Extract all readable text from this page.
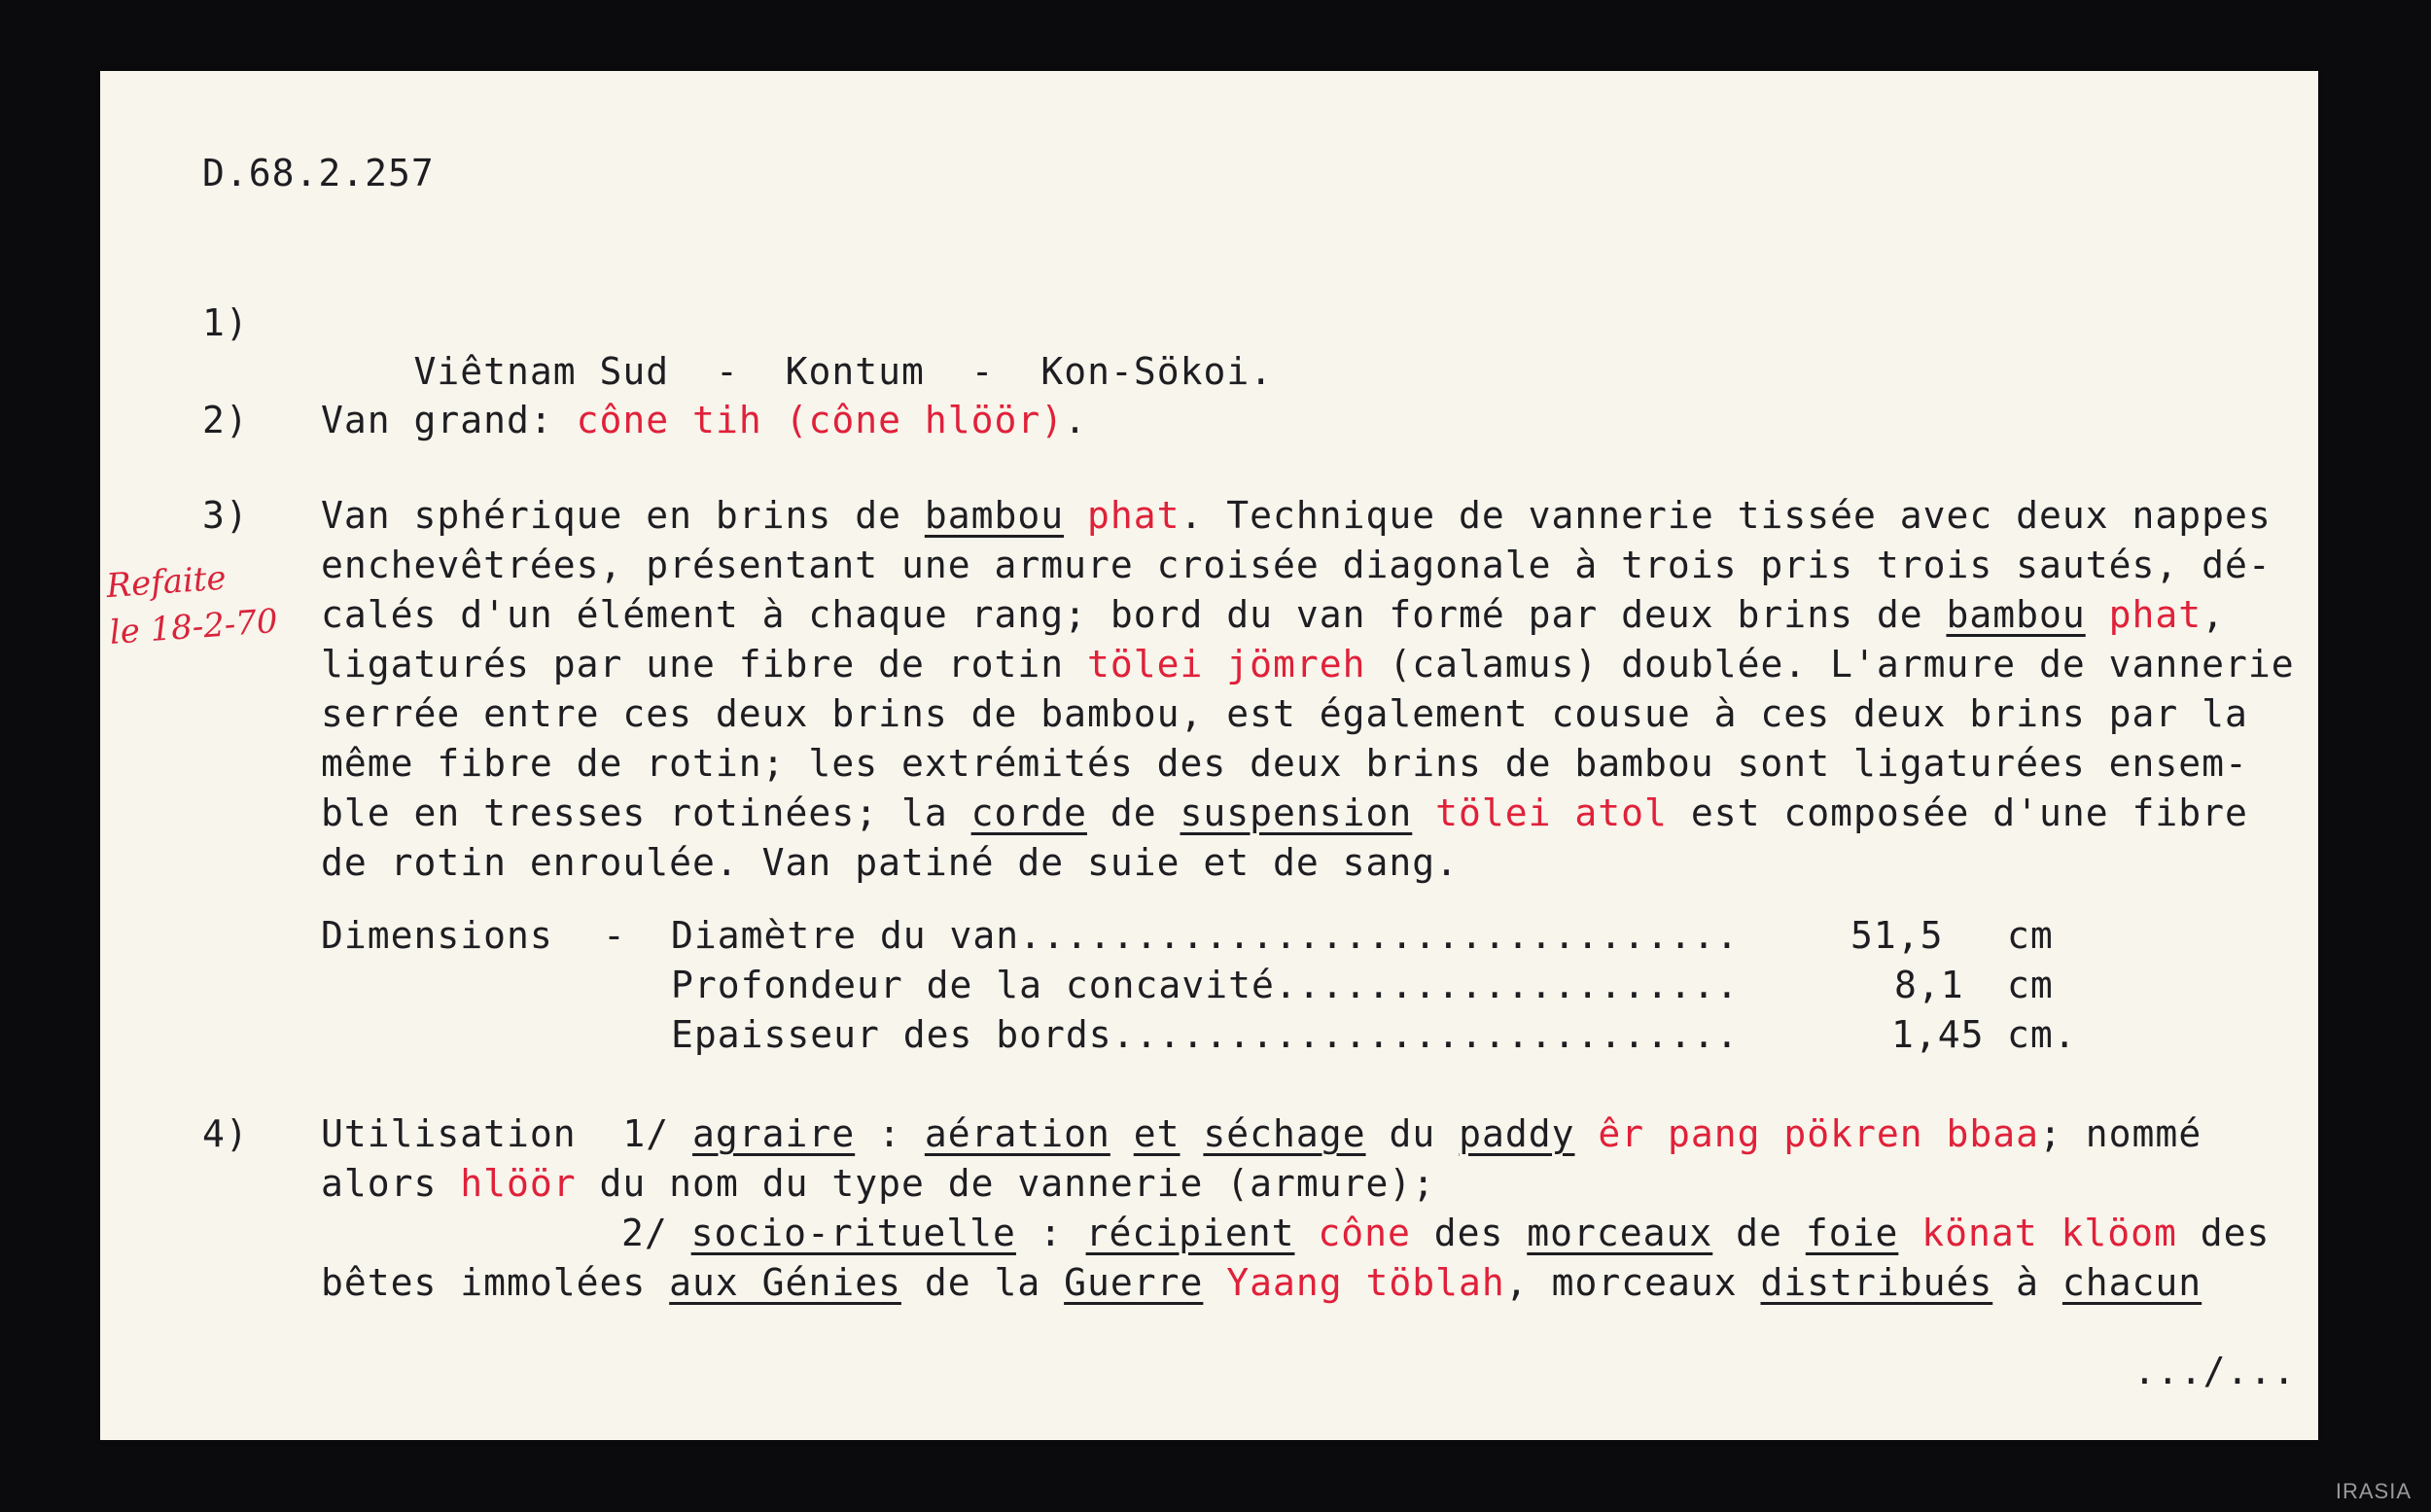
D.68.2.257
1)

Viêtnam Sud - Kontum - Kon-Sökoi.

2) Van grand: cône tih (cône hlöör).
3) Van sphérique en brins de bambou phat. Technique de vannerie tissée avec deux nappes
enchevêtrées, présentant une armure croisée diagonale à trois pris trois sautés, dé-
calés d'un élément à chaque rang; bord du van formé par deux brins de bambou phat,
ligaturés par une fibre de rotin tölei jömreh (calamus) doublée. L'armure de vannerie
serrée entre ces deux brins de bambou, est également cousue à ces deux brins par la
même fibre de rotin; les extrémités des deux brins de bambou sont ligaturées ensem-
ble en tresses rotinées; la corde de suspension tölei atol est composée d'une fibre
de rotin enroulée. Van patiné de suie et de sang.
Dimensions - Diamètre du van...............................	51,5 cm
Profondeur de la concavité....................	8,1 cm
Epaisseur des bords...........................	1,45 cm.
4) Utilisation  1/ agraire : aération et séchage du paddy êr pang pökren bbaa; nommé
alors hlöör du nom du type de vannerie (armure);
2/ socio-rituelle : récipient cône des morceaux de foie könat klöom des
bêtes immolées aux Génies de la Guerre Yaang töblah, morceaux distribués à chacun
.../...
Refaite
le 18-2-70
IRASIA
